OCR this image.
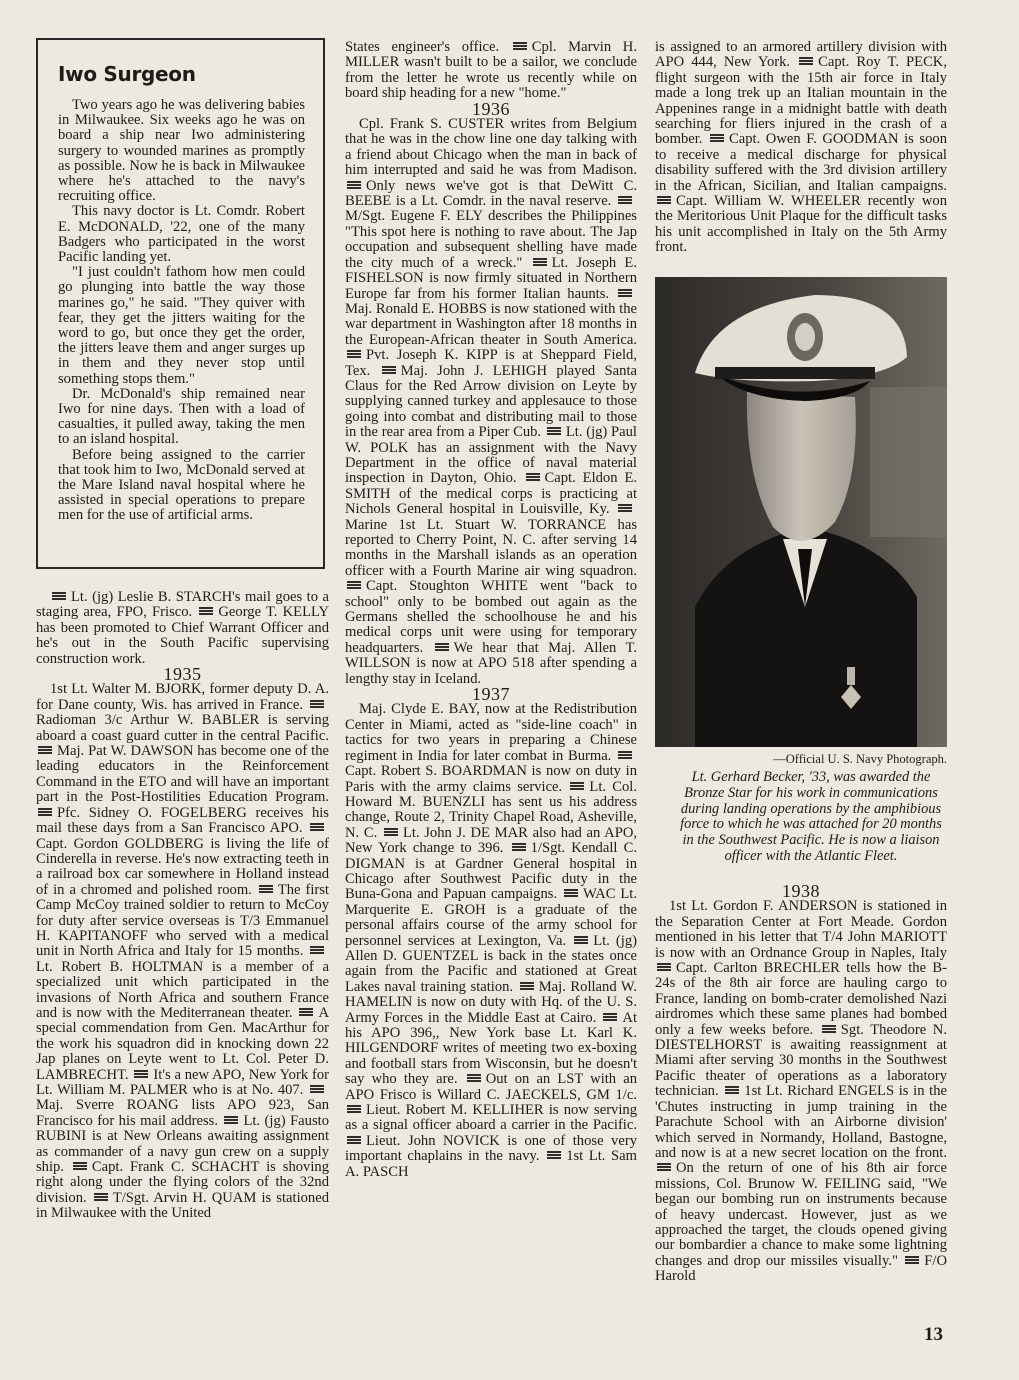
Iwo Surgeon

Two years ago he was delivering babies in Milwaukee. Six weeks ago he was on board a ship near Iwo administering surgery to wounded marines as promptly as possible. Now he is back in Milwaukee where he's attached to the navy's recruiting office.

This navy doctor is Lt. Comdr. Robert E. McDONALD, '22, one of the many Badgers who participated in the worst Pacific landing yet.

"I just couldn't fathom how men could go plunging into battle the way those marines go," he said. "They quiver with fear, they get the jitters waiting for the word to go, but once they get the order, the jitters leave them and anger surges up in them and they never stop until something stops them."

Dr. McDonald's ship remained near Iwo for nine days. Then with a load of casualties, it pulled away, taking the men to an island hospital.

Before being assigned to the carrier that took him to Iwo, McDonald served at the Mare Island naval hospital where he assisted in special operations to prepare men for the use of artificial arms.

Lt. (jg) Leslie B. STARCH's mail goes to a staging area, FPO, Frisco. George T. KELLY has been promoted to Chief Warrant Officer and he's out in the South Pacific supervising construction work.

1935

1st Lt. Walter M. BJORK, former deputy D. A. for Dane county, Wis. has arrived in France. Radioman 3/c Arthur W. BABLER is serving aboard a coast guard cutter in the central Pacific. Maj. Pat W. DAWSON has become one of the leading educators in the Reinforcement Command in the ETO and will have an important part in the Post-Hostilities Education Program. Pfc. Sidney O. FOGELBERG receives his mail these days from a San Francisco APO. Capt. Gordon GOLDBERG is living the life of Cinderella in reverse. He's now extracting teeth in a railroad box car somewhere in Holland instead of in a chromed and polished room. The first Camp McCoy trained soldier to return to McCoy for duty after service overseas is T/3 Emmanuel H. KAPITANOFF who served with a medical unit in North Africa and Italy for 15 months. Lt. Robert B. HOLTMAN is a member of a specialized unit which participated in the invasions of North Africa and southern France and is now with the Mediterranean theater. A special commendation from Gen. MacArthur for the work his squadron did in knocking down 22 Jap planes on Leyte went to Lt. Col. Peter D. LAMBRECHT. It's a new APO, New York for Lt. William M. PALMER who is at No. 407. Maj. Sverre ROANG lists APO 923, San Francisco for his mail address. Lt. (jg) Fausto RUBINI is at New Orleans awaiting assignment as commander of a navy gun crew on a supply ship. Capt. Frank C. SCHACHT is shoving right along under the flying colors of the 32nd division. T/Sgt. Arvin H. QUAM is stationed in Milwaukee with the United

States engineer's office. Cpl. Marvin H. MILLER wasn't built to be a sailor, we conclude from the letter he wrote us recently while on board ship heading for a new "home."

1936

Cpl. Frank S. CUSTER writes from Belgium that he was in the chow line one day talking with a friend about Chicago when the man in back of him interrupted and said he was from Madison. Only news we've got is that DeWitt C. BEEBE is a Lt. Comdr. in the naval reserve. M/Sgt. Eugene F. ELY describes the Philippines "This spot here is nothing to rave about. The Jap occupation and subsequent shelling have made the city much of a wreck." Lt. Joseph E. FISHELSON is now firmly situated in Northern Europe far from his former Italian haunts. Maj. Ronald E. HOBBS is now stationed with the war department in Washington after 18 months in the European-African theater in South America. Pvt. Joseph K. KIPP is at Sheppard Field, Tex. Maj. John J. LEHIGH played Santa Claus for the Red Arrow division on Leyte by supplying canned turkey and applesauce to those going into combat and distributing mail to those in the rear area from a Piper Cub. Lt. (jg) Paul W. POLK has an assignment with the Navy Department in the office of naval material inspection in Dayton, Ohio. Capt. Eldon E. SMITH of the medical corps is practicing at Nichols General hospital in Louisville, Ky. Marine 1st Lt. Stuart W. TORRANCE has reported to Cherry Point, N. C. after serving 14 months in the Marshall islands as an operation officer with a Fourth Marine air wing squadron. Capt. Stoughton WHITE went "back to school" only to be bombed out again as the Germans shelled the schoolhouse he and his medical corps unit were using for temporary headquarters. We hear that Maj. Allen T. WILLSON is now at APO 518 after spending a lengthy stay in Iceland.

1937

Maj. Clyde E. BAY, now at the Redistribution Center in Miami, acted as "side-line coach" in tactics for two years in preparing a Chinese regiment in India for later combat in Burma. Capt. Robert S. BOARDMAN is now on duty in Paris with the army claims service. Lt. Col. Howard M. BUENZLI has sent us his address change, Route 2, Trinity Chapel Road, Asheville, N. C. Lt. John J. DE MAR also had an APO, New York change to 396. 1/Sgt. Kendall C. DIGMAN is at Gardner General hospital in Chicago after Southwest Pacific duty in the Buna-Gona and Papuan campaigns. WAC Lt. Marquerite E. GROH is a graduate of the personal affairs course of the army school for personnel services at Lexington, Va. Lt. (jg) Allen D. GUENTZEL is back in the states once again from the Pacific and stationed at Great Lakes naval training station. Maj. Rolland W. HAMELIN is now on duty with Hq. of the U. S. Army Forces in the Middle East at Cairo. At his APO 396,, New York base Lt. Karl K. HILGENDORF writes of meeting two ex-boxing and football stars from Wisconsin, but he doesn't say who they are. Out on an LST with an APO Frisco is Willard C. JAECKELS, GM 1/c. Lieut. Robert M. KELLIHER is now serving as a signal officer aboard a carrier in the Pacific. Lieut. John NOVICK is one of those very important chaplains in the navy. 1st Lt. Sam A. PASCH

is assigned to an armored artillery division with APO 444, New York. Capt. Roy T. PECK, flight surgeon with the 15th air force in Italy made a long trek up an Italian mountain in the Appenines range in a midnight battle with death searching for fliers injured in the crash of a bomber. Capt. Owen F. GOODMAN is soon to receive a medical discharge for physical disability suffered with the 3rd division artillery in the African, Sicilian, and Italian campaigns. Capt. William W. WHEELER recently won the Meritorious Unit Plaque for the difficult tasks his unit accomplished in Italy on the 5th Army front.

—Official U. S. Navy Photograph.
Lt. Gerhard Becker, '33, was awarded the Bronze Star for his work in communications during landing operations by the amphibious force to which he was attached for 20 months in the Southwest Pacific. He is now a liaison officer with the Atlantic Fleet.

1938

1st Lt. Gordon F. ANDERSON is stationed in the Separation Center at Fort Meade. Gordon mentioned in his letter that T/4 John MARIOTT is now with an Ordnance Group in Naples, Italy Capt. Carlton BRECHLER tells how the B-24s of the 8th air force are hauling cargo to France, landing on bomb-crater demolished Nazi airdromes which these same planes had bombed only a few weeks before. Sgt. Theodore N. DIESTELHORST is awaiting reassignment at Miami after serving 30 months in the Southwest Pacific theater of operations as a laboratory technician. 1st Lt. Richard ENGELS is in the 'Chutes instructing in jump training in the Parachute School with an Airborne division' which served in Normandy, Holland, Bastogne, and now is at a new secret location on the front. On the return of one of his 8th air force missions, Col. Brunow W. FEILING said, "We began our bombing run on instruments because of heavy undercast. However, just as we approached the target, the clouds opened giving our bombardier a chance to make some lightning changes and drop our missiles visually." F/O Harold

13
